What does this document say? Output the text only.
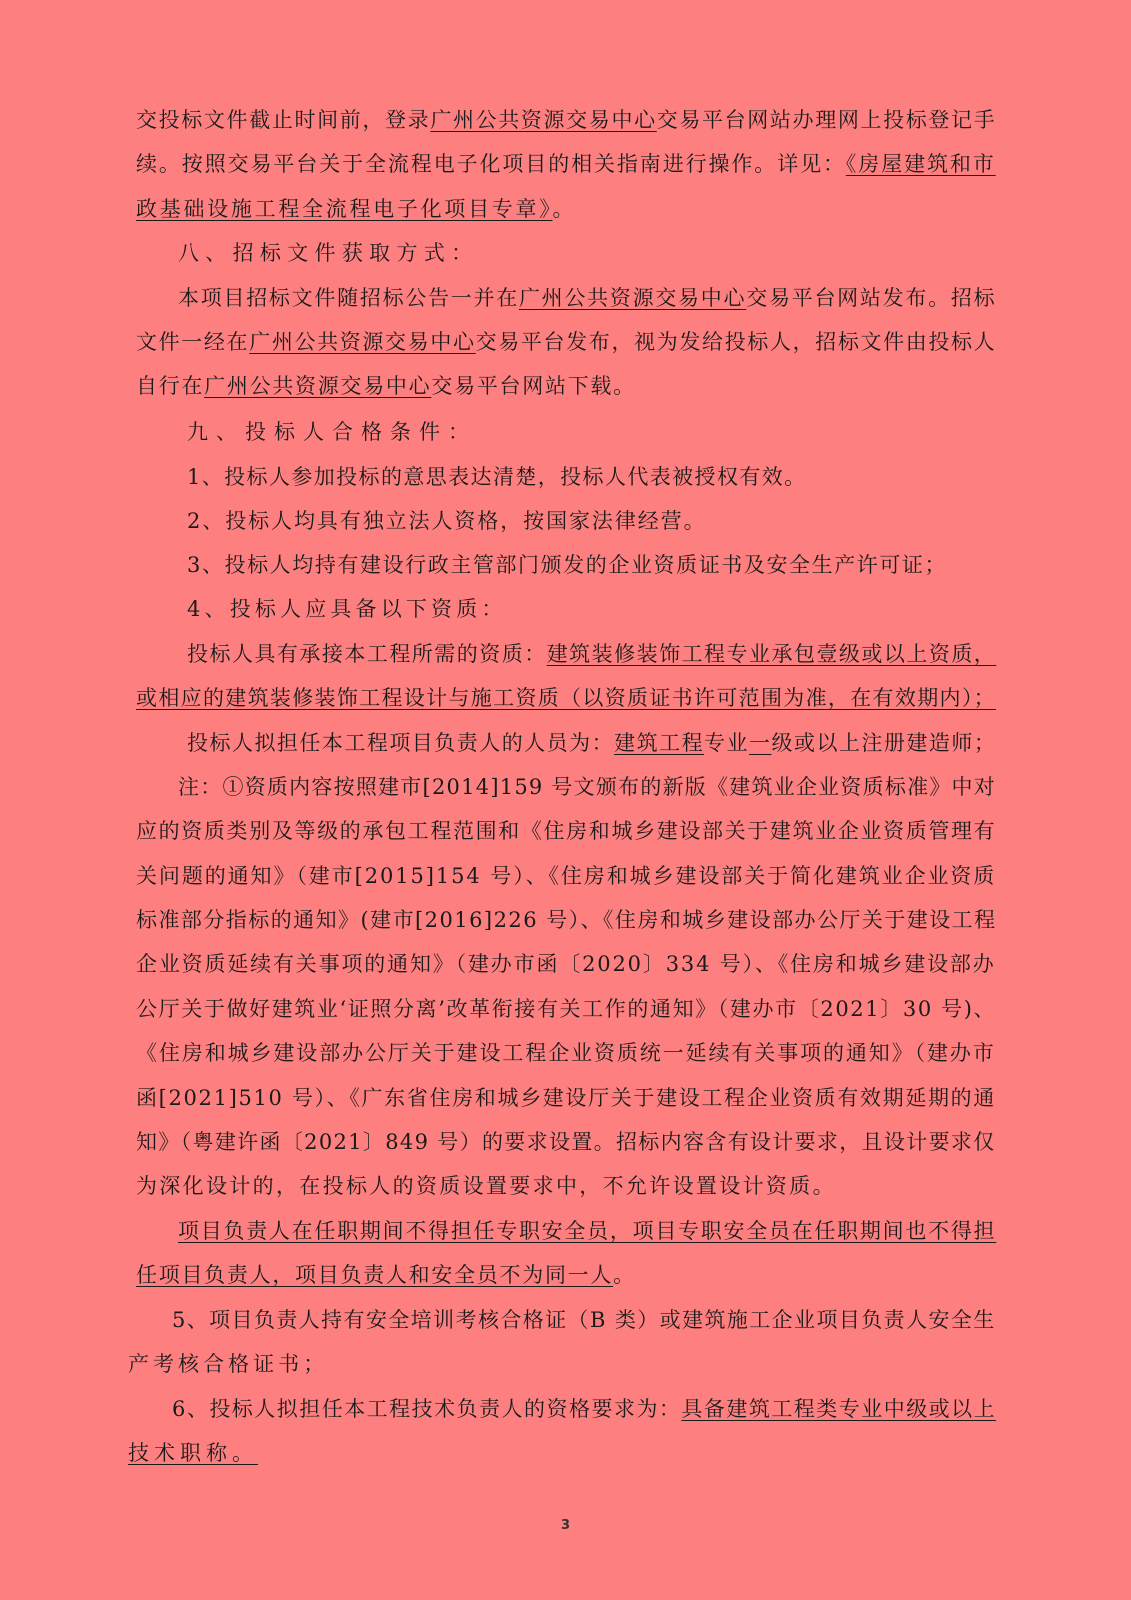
交投标文件截止时间前，登录广州公共资源交易中心交易平台网站办理网上投标登记手
续。按照交易平台关于全流程电子化项目的相关指南进行操作。详见：《房屋建筑和市
政基础设施工程全流程电子化项目专章》。
八、招标文件获取方式：
本项目招标文件随招标公告一并在广州公共资源交易中心交易平台网站发布。招标
文件一经在广州公共资源交易中心交易平台发布，视为发给投标人，招标文件由投标人
自行在广州公共资源交易中心交易平台网站下载。
九、投标人合格条件：
1、投标人参加投标的意思表达清楚，投标人代表被授权有效。
2、投标人均具有独立法人资格，按国家法律经营。
3、投标人均持有建设行政主管部门颁发的企业资质证书及安全生产许可证；
4、投标人应具备以下资质：
投标人具有承接本工程所需的资质：建筑装修装饰工程专业承包壹级或以上资质，
或相应的建筑装修装饰工程设计与施工资质（以资质证书许可范围为准，在有效期内）；
投标人拟担任本工程项目负责人的人员为：建筑工程专业一级或以上注册建造师；
注：①资质内容按照建市[2014]159 号文颁布的新版《建筑业企业资质标准》中对
应的资质类别及等级的承包工程范围和《住房和城乡建设部关于建筑业企业资质管理有
关问题的通知》（建市[2015]154 号）、《住房和城乡建设部关于简化建筑业企业资质
标准部分指标的通知》(建市[2016]226 号）、《住房和城乡建设部办公厅关于建设工程
企业资质延续有关事项的通知》（建办市函〔2020〕334 号）、《住房和城乡建设部办
公厅关于做好建筑业‘证照分离’改革衔接有关工作的通知》（建办市〔2021〕30 号)、
《住房和城乡建设部办公厅关于建设工程企业资质统一延续有关事项的通知》（建办市
函[2021]510 号）、《广东省住房和城乡建设厅关于建设工程企业资质有效期延期的通
知》（粤建许函〔2021〕849 号）的要求设置。招标内容含有设计要求，且设计要求仅
为深化设计的，在投标人的资质设置要求中，不允许设置设计资质。
项目负责人在任职期间不得担任专职安全员，项目专职安全员在任职期间也不得担
任项目负责人，项目负责人和安全员不为同一人。
5、项目负责人持有安全培训考核合格证（B 类）或建筑施工企业项目负责人安全生
产考核合格证书；
6、投标人拟担任本工程技术负责人的资格要求为：具备建筑工程类专业中级或以上
技术职称。
3
